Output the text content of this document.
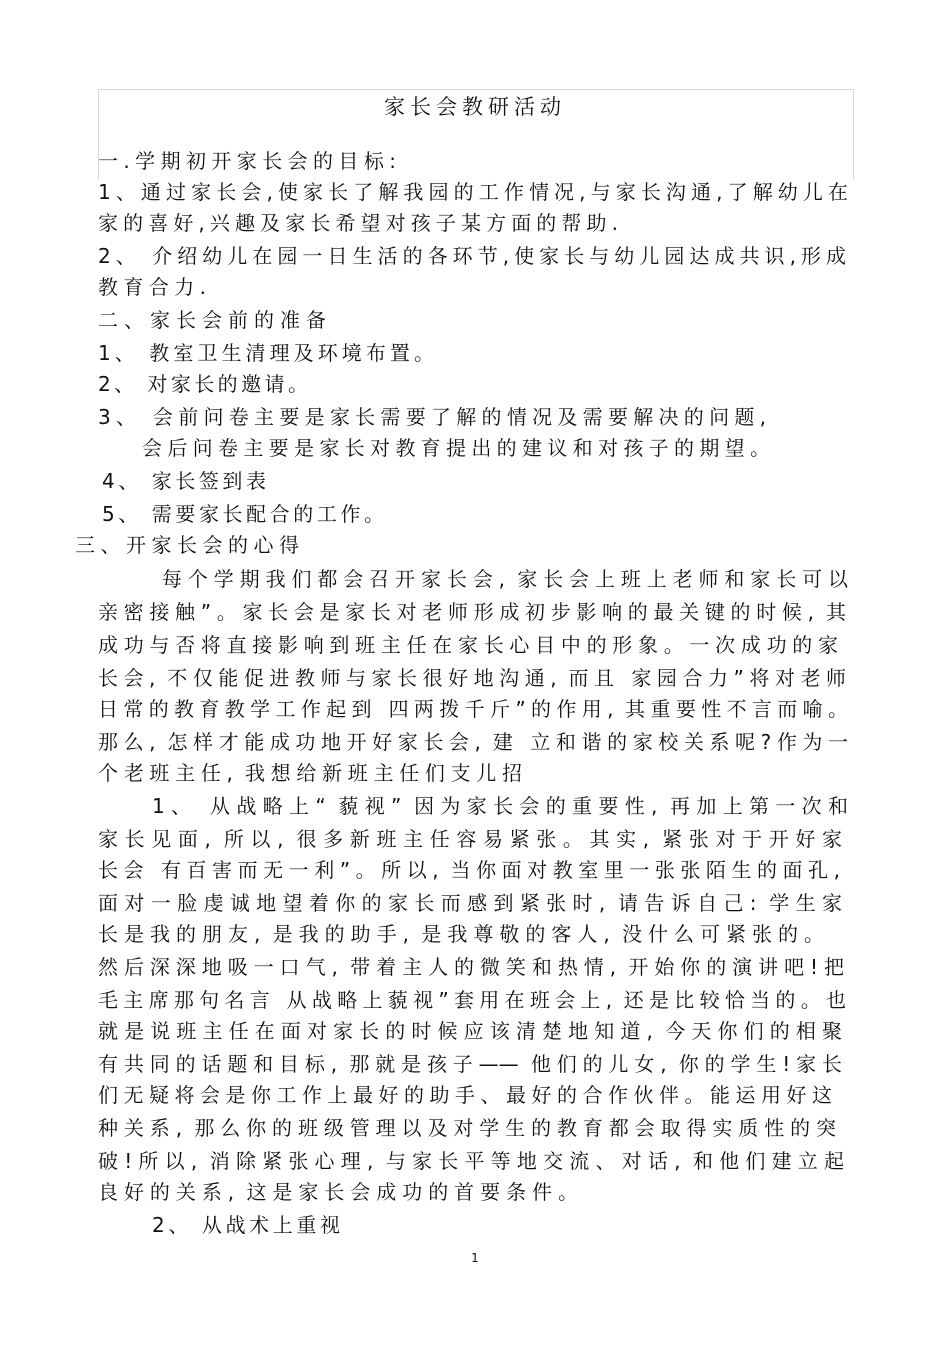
家长会教研活动
一.学期初开家长会的目标:
1、通过家长会,使家长了解我园的工作情况,与家长沟通,了解幼儿在
家的喜好,兴趣及家长希望对孩子某方面的帮助.
2、 介绍幼儿在园一日生活的各环节,使家长与幼儿园达成共识,形成
教育合力.
二、家长会前的准备
1、 教室卫生清理及环境布置。
2、 对家长的邀请。
3、 会前问卷主要是家长需要了解的情况及需要解决的问题,
会后问卷主要是家长对教育提出的建议和对孩子的期望。
4、 家长签到表
5、 需要家长配合的工作。
三、开家长会的心得
每个学期我们都会召开家长会, 家长会上班上老师和家长可以
亲密接触”。家长会是家长对老师形成初步影响的最关键的时候, 其
成功与否将直接影响到班主任在家长心目中的形象。一次成功的家
长会, 不仅能促进教师与家长很好地沟通, 而且 家园合力”将对老师
日常的教育教学工作起到 四两拨千斤”的作用, 其重要性不言而喻。
那么, 怎样才能成功地开好家长会, 建 立和谐的家校关系呢?作为一
个老班主任, 我想给新班主任们支儿招
1、 从战略上“ 藐视” 因为家长会的重要性, 再加上第一次和
家长见面, 所以, 很多新班主任容易紧张。其实, 紧张对于开好家
长会 有百害而无一利”。所以, 当你面对教室里一张张陌生的面孔,
面对一脸虔诚地望着你的家长而感到紧张时, 请告诉自己: 学生家
长是我的朋友, 是我的助手, 是我尊敬的客人, 没什么可紧张的。
然后深深地吸一口气, 带着主人的微笑和热情, 开始你的演讲吧!把
毛主席那句名言 从战略上藐视”套用在班会上, 还是比较恰当的。也
就是说班主任在面对家长的时候应该清楚地知道, 今天你们的相聚
有共同的话题和目标, 那就是孩子—— 他们的儿女, 你的学生!家长
们无疑将会是你工作上最好的助手、最好的合作伙伴。能运用好这
种关系, 那么你的班级管理以及对学生的教育都会取得实质性的突
破!所以, 消除紧张心理, 与家长平等地交流、对话, 和他们建立起
良好的关系, 这是家长会成功的首要条件。
2、 从战术上重视
1
